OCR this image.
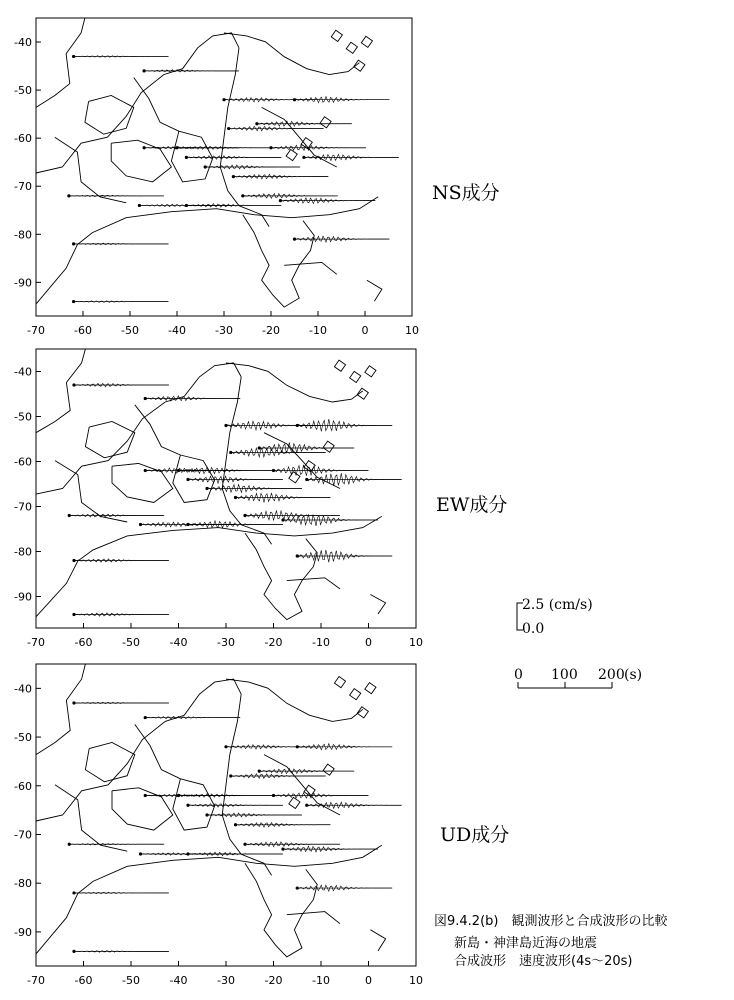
-40
-50
-60
-70
-80
-90
-70	-60	-50	-40	-30	-20	-10	0	10
-40
-50
-60
-70
-80
-90
-70	-60	-50	-40	-30	-20	-10	0	10
-40
-50
-60
-70
-80
-90
-70	-60	-50	-40	-30	-20	-10	0	10
NS成分
EW成分
UD成分
2.5 (cm/s)
0.0
0 100 200 (s)
図9.4.2(b)　観測波形と合成波形の比較
新島・神津島近海の地震
合成波形　速度波形(4s～20s)
